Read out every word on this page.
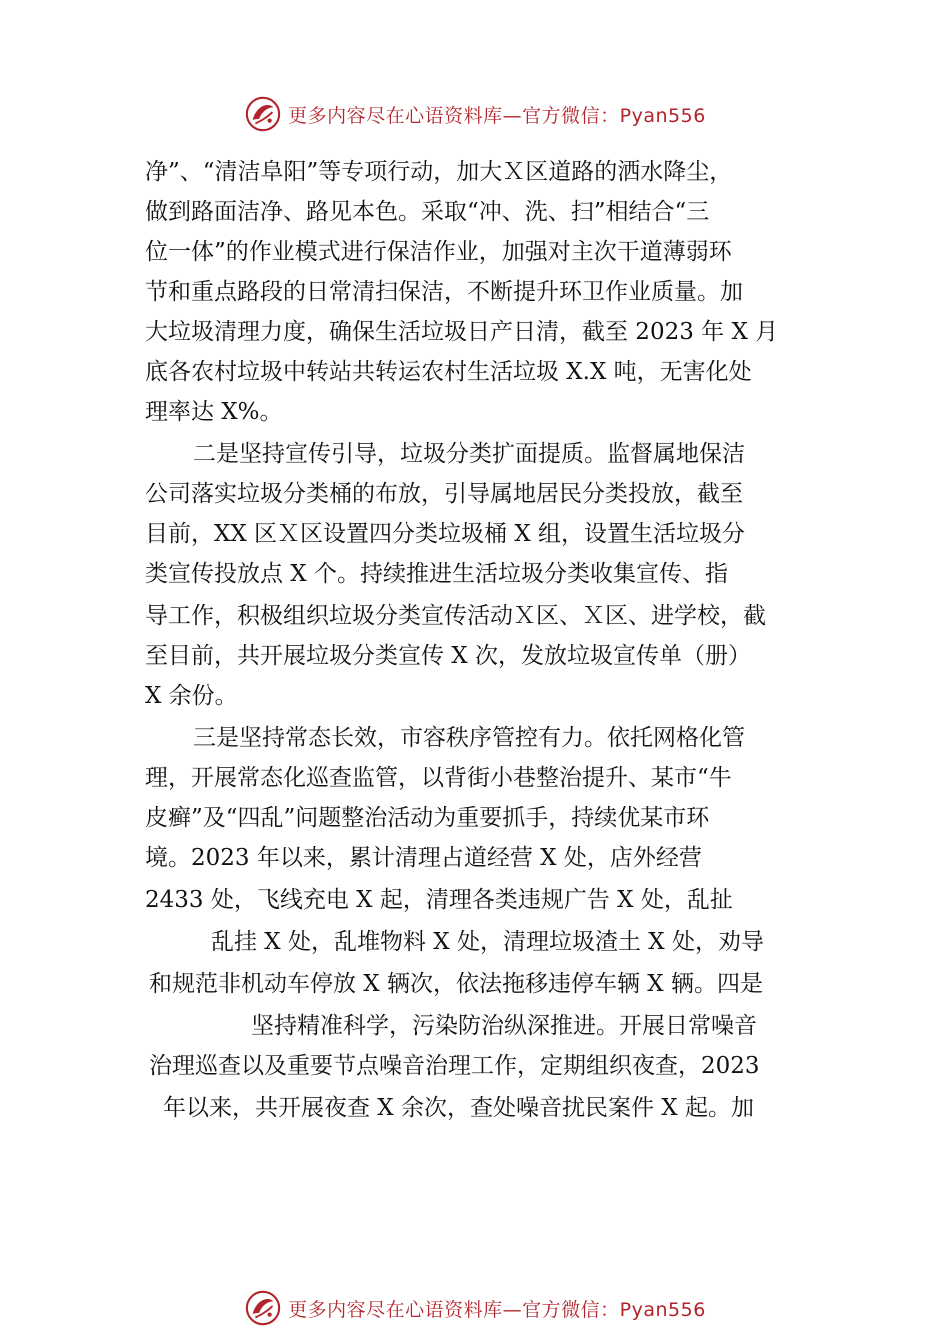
更多内容尽在心语资料库—官方微信：Pyan556
净”、“清洁阜阳”等专项行动，加大Ｘ区道路的洒水降尘，
做到路面洁净、路见本色。采取“冲、洗、扫”相结合“三
位一体”的作业模式进行保洁作业，加强对主次干道薄弱环
节和重点路段的日常清扫保洁，不断提升环卫作业质量。加
大垃圾清理力度，确保生活垃圾日产日清，截至 2023 年 X 月
底各农村垃圾中转站共转运农村生活垃圾 X.X 吨，无害化处
理率达 X%。
二是坚持宣传引导，垃圾分类扩面提质。监督属地保洁
公司落实垃圾分类桶的布放，引导属地居民分类投放，截至
目前，XX 区Ｘ区设置四分类垃圾桶 X 组，设置生活垃圾分
类宣传投放点 X 个。持续推进生活垃圾分类收集宣传、指
导工作，积极组织垃圾分类宣传活动Ｘ区、Ｘ区、进学校，截
至目前，共开展垃圾分类宣传 X 次，发放垃圾宣传单（册）
X 余份。
三是坚持常态长效，市容秩序管控有力。依托网格化管
理，开展常态化巡查监管，以背街小巷整治提升、某市“牛
皮癣”及“四乱”问题整治活动为重要抓手，持续优某市环
境。2023 年以来，累计清理占道经营 X 处，店外经营
2433 处，飞线充电 X 起，清理各类违规广告 X 处，乱扯
乱挂 X 处，乱堆物料 X 处，清理垃圾渣土 X 处，劝导
和规范非机动车停放 X 辆次，依法拖移违停车辆 X 辆。四是
坚持精准科学，污染防治纵深推进。开展日常噪音
治理巡查以及重要节点噪音治理工作，定期组织夜查，2023
年以来，共开展夜查 X 余次，查处噪音扰民案件 X 起。加
更多内容尽在心语资料库—官方微信：Pyan556
